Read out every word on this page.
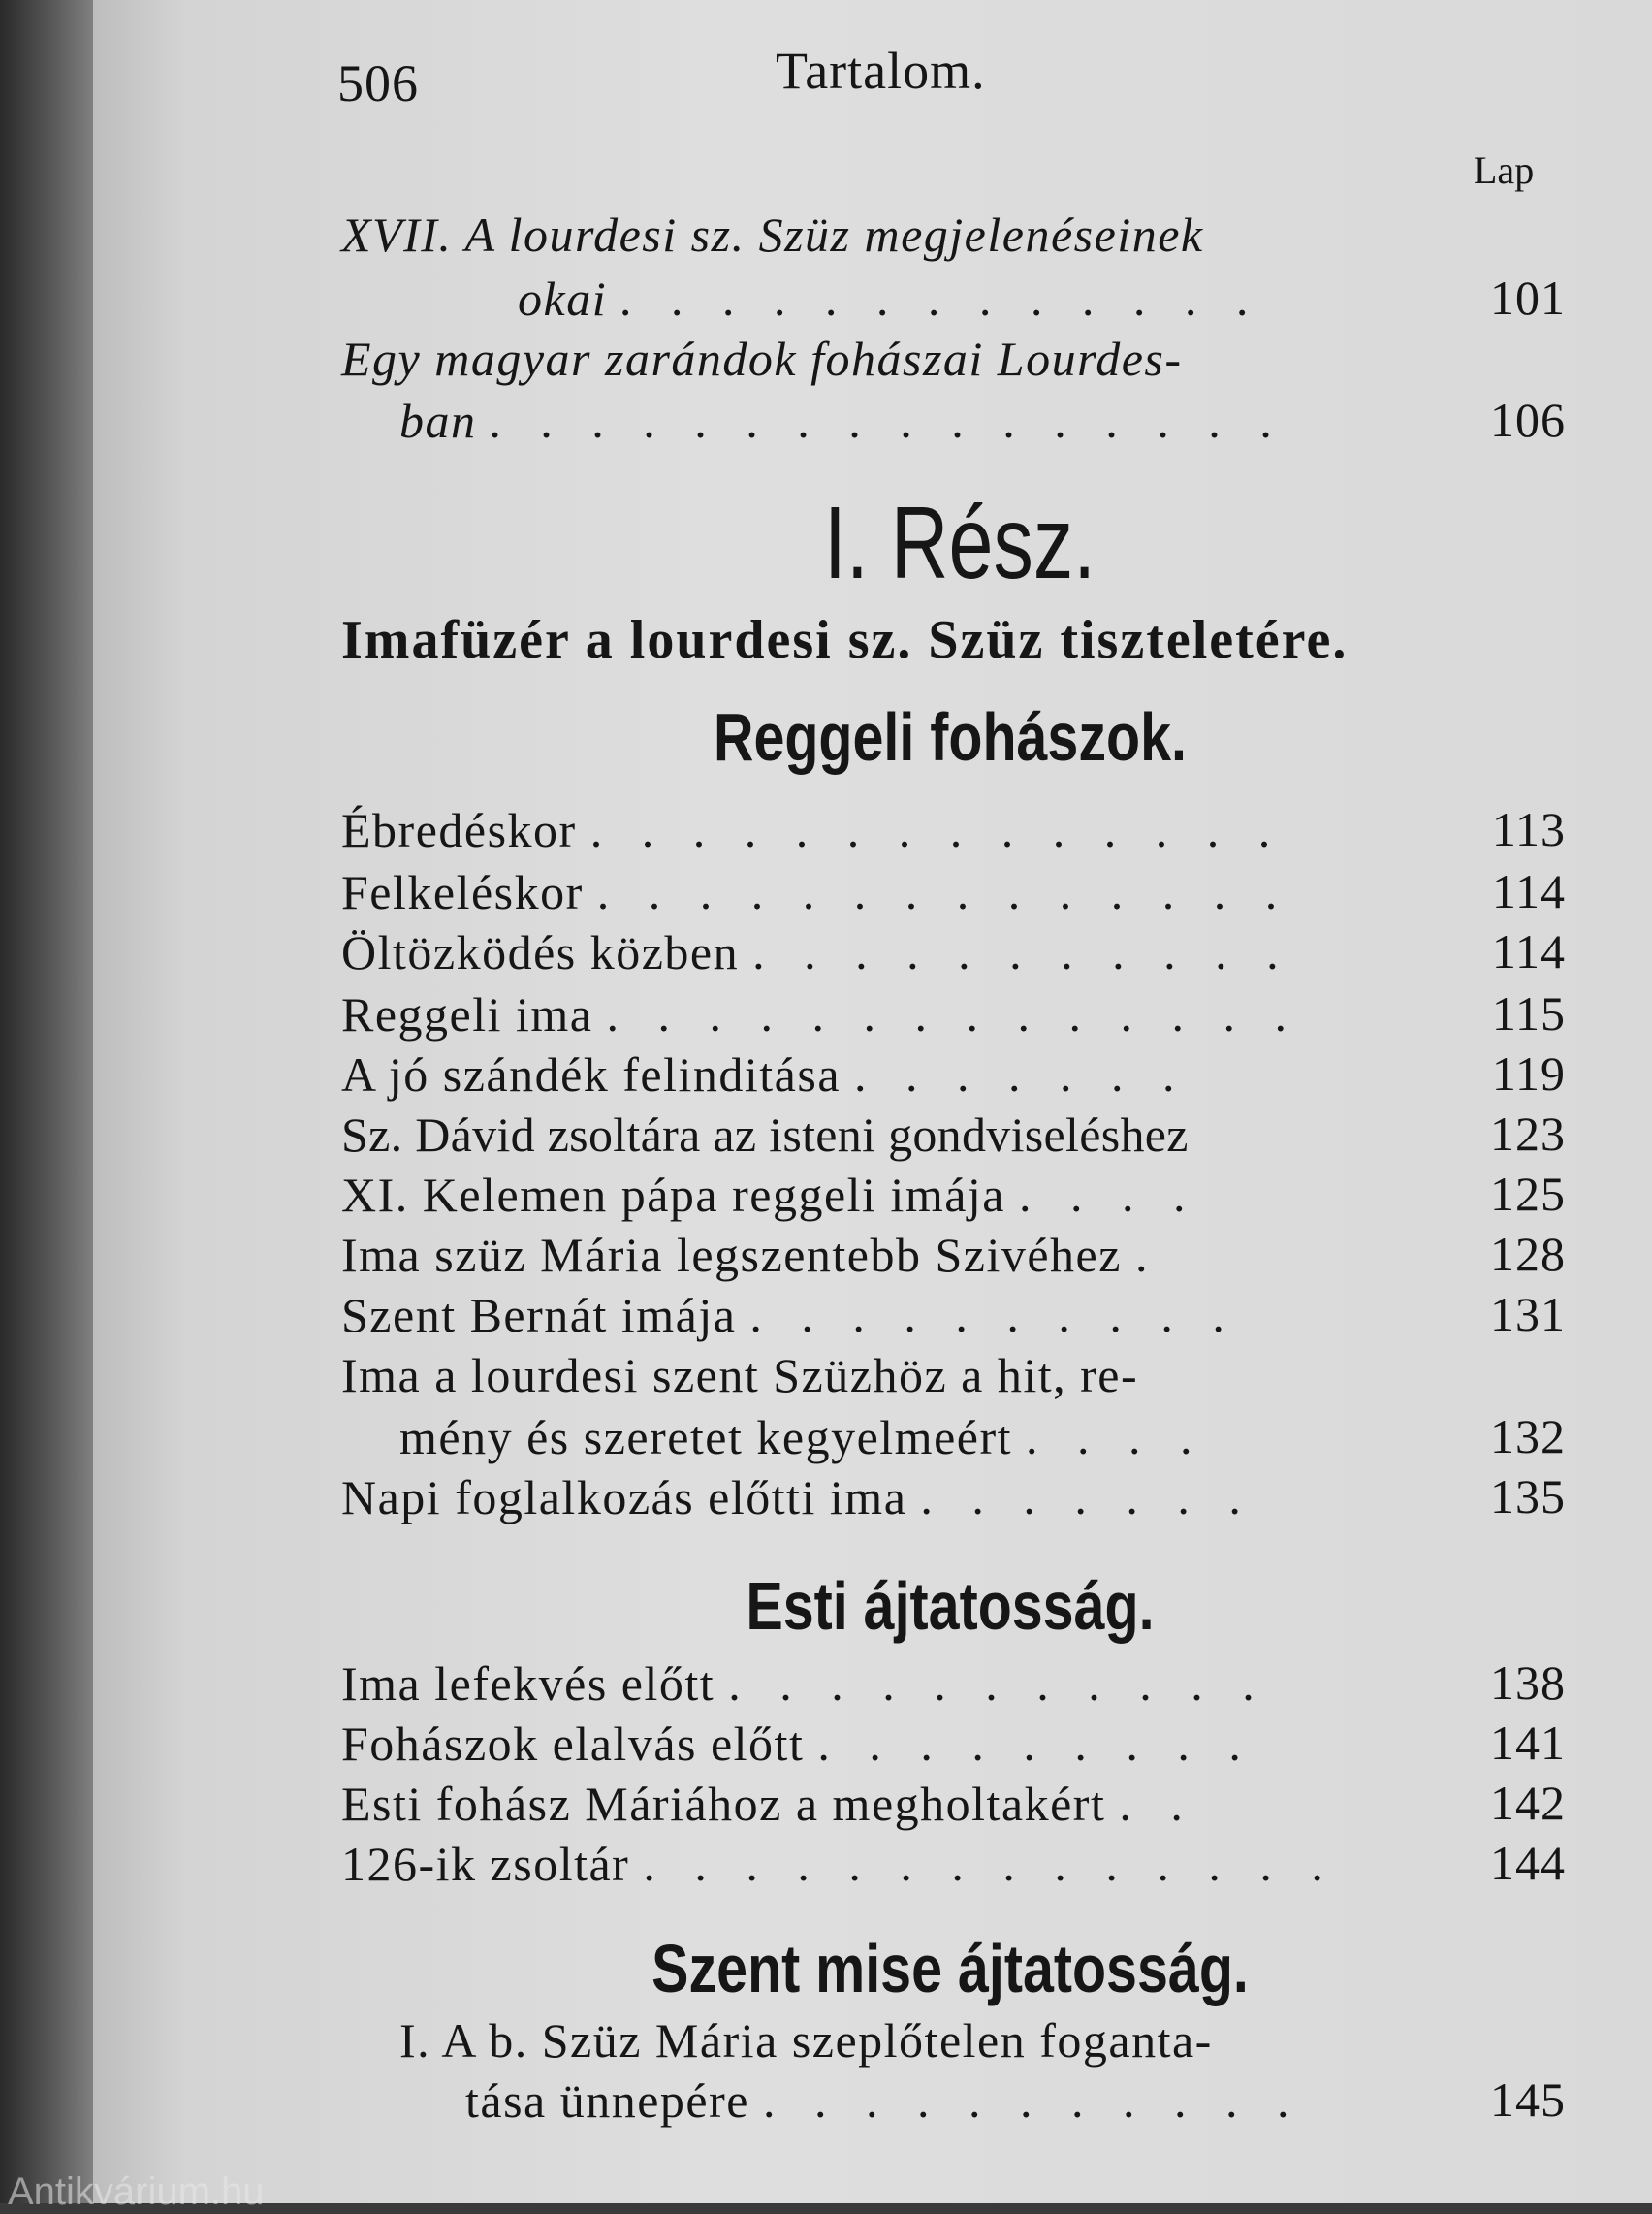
506	Tartalom.
Lap
XVII. A lourdesi sz. Szüz megjelenéseinek
okai . . . . . . . . . . . . .	101
Egy magyar zarándok fohászai Lourdes-
ban . . . . . . . . . . . . . . . .	106
I. Rész.
Imafüzér a lourdesi sz. Szüz tiszteletére.
Reggeli fohászok.
Ébredéskor . . . . . . . . . . . . . .	113
Felkeléskor . . . . . . . . . . . . . .	114
Öltözködés közben . . . . . . . . . . .	114
Reggeli ima . . . . . . . . . . . . . .	115
A jó szándék felinditása . . . . . . .	119
Sz. Dávid zsoltára az isteni gondviseléshez	123
XI. Kelemen pápa reggeli imája . . . .	125
Ima szüz Mária legszentebb Szivéhez .	128
Szent Bernát imája . . . . . . . . . .	131
Ima a lourdesi szent Szüzhöz a hit, re-
mény és szeretet kegyelmeért . . . .	132
Napi foglalkozás előtti ima . . . . . . .	135
Esti ájtatosság.
Ima lefekvés előtt . . . . . . . . . . .	138
Fohászok elalvás előtt . . . . . . . . .	141
Esti fohász Máriához a megholtakért . .	142
126-ik zsoltár . . . . . . . . . . . . . .	144
Szent mise ájtatosság.
I. A b. Szüz Mária szeplőtelen foganta-
tása ünnepére . . . . . . . . . . .	145
Antikvárium.hu
